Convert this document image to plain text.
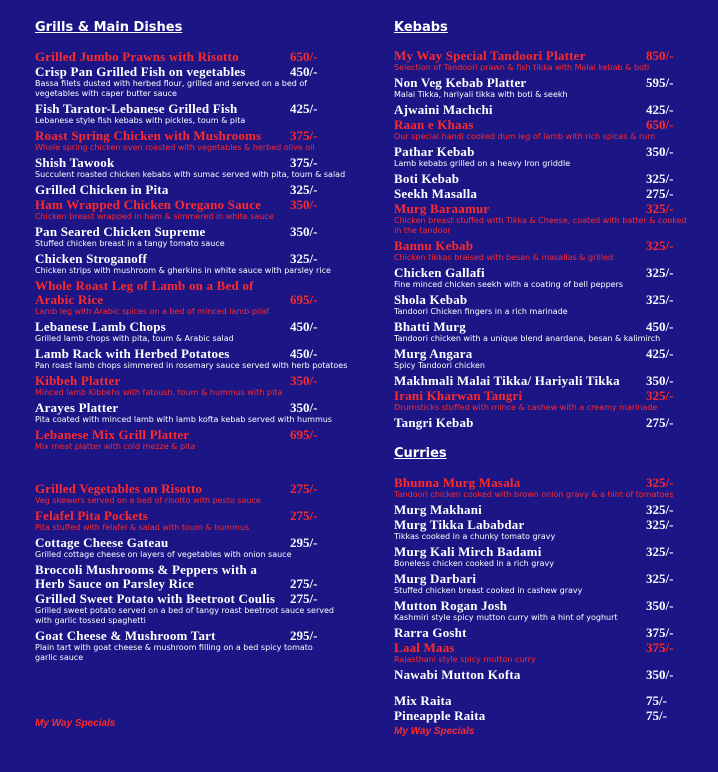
Grills & Main Dishes
Grilled Jumbo Prawns with Risotto	650/-
Crisp Pan Grilled Fish on vegetables	450/-
Bassa filets dusted with herbed flour, grilled and served on a bed of vegetables with caper butter sauce
Fish Tarator-Lebanese Grilled Fish	425/-
Lebanese style fish kebabs with pickles, toum & pita
Roast Spring Chicken with Mushrooms 375/-
Whole spring chicken oven roasted with vegetables & herbed olive oil
Shish Tawook	375/-
Succulent roasted chicken kebabs with sumac served with pita, toum & salad
Grilled Chicken in Pita	325/-
Ham Wrapped Chicken Oregano Sauce 350/-
Chicken breast wrapped in ham & simmered in white sauce
Pan Seared Chicken Supreme	350/-
Stuffed chicken breast in a tangy tomato sauce
Chicken Stroganoff	325/-
Chicken strips with mushroom & gherkins in white sauce with parsley rice
Whole Roast Leg of Lamb on a Bed of
Arabic Rice	695/-
Lamb leg with Arabic spices on a bed of minced lamb pilaf
Lebanese Lamb Chops	450/-
Grilled lamb chops with pita, toum & Arabic salad
Lamb Rack with Herbed Potatoes	450/-
Pan roast lamb chops simmered in rosemary sauce served with herb potatoes
Kibbeh Platter	350/-
Minced lamb Kibbehs with fatoush, toum & hummus with pita
Arayes Platter	350/-
Pita coated with minced lamb with lamb kofta kebab served with hummus
Lebanese Mix Grill Platter	695/-
Mix meat platter with cold mezze & pita
Grilled Vegetables on Risotto	275/-
Veg skewers served on a bed of risotto with pesto sauce
Felafel Pita Pockets	275/-
Pita stuffed with felafel & salad with toum & hummus
Cottage Cheese Gateau	295/-
Grilled cottage cheese on layers of vegetables with onion sauce
Broccoli Mushrooms & Peppers with a
Herb Sauce on Parsley Rice	275/-
Grilled Sweet Potato with Beetroot Coulis 275/-
Grilled sweet potato served on a bed of tangy roast beetroot sauce served with garlic tossed spaghetti
Goat Cheese & Mushroom Tart	295/-
Plain tart with goat cheese & mushroom filling on a bed spicy tomato garlic sauce
My Way Specials
Kebabs
My Way Special Tandoori Platter	850/-
Selection of Tandoori prawn & fish tikka with Malai kebab & boti
Non Veg Kebab Platter	595/-
Malai Tikka, hariyali tikka with boti & seekh
Ajwaini Machchi	425/-
Raan e Khaas	650/-
Our special handi cooked dum leg of lamb with rich spices & rum
Pathar Kebab	350/-
Lamb kebabs grilled on a heavy Iron griddle
Boti Kebab	325/-
Seekh Masalla	275/-
Murg Baraamur	325/-
Chicken breast stuffed with Tikka & Cheese, coated with batter & cooked in the tandoor
Bannu Kebab	325/-
Chicken tikkas braised with besan & masallas & grilled
Chicken Gallafi	325/-
Fine minced chicken seekh with a coating of bell peppers
Shola Kebab	325/-
Tandoori Chicken fingers in a rich marinade
Bhatti Murg	450/-
Tandoori chicken with a unique blend anardana, besan & kalimirch
Murg Angara	425/-
Spicy Tandoori chicken
Makhmali Malai Tikka/ Hariyali Tikka 350/-
Irani Kharwan Tangri	325/-
Drumsticks stuffed with mince & cashew with a creamy marinade
Tangri Kebab	275/-
Curries
Bhunna Murg Masala	325/-
Tandoori chicken cooked with brown onion gravy & a hint of tomatoes
Murg Makhani	325/-
Murg Tikka Lababdar	325/-
Tikkas cooked in a chunky tomato gravy
Murg Kali Mirch Badami	325/-
Boneless chicken cooked in a rich gravy
Murg Darbari	325/-
Stuffed chicken breast cooked in cashew gravy
Mutton Rogan Josh	350/-
Kashmiri style spicy mutton curry with a hint of yoghurt
Rarra Gosht	375/-
Laal Maas	375/-
Rajasthani style spicy mutton curry
Nawabi Mutton Kofta	350/-
Mix Raita	75/-
Pineapple Raita	75/-
My Way Specials
